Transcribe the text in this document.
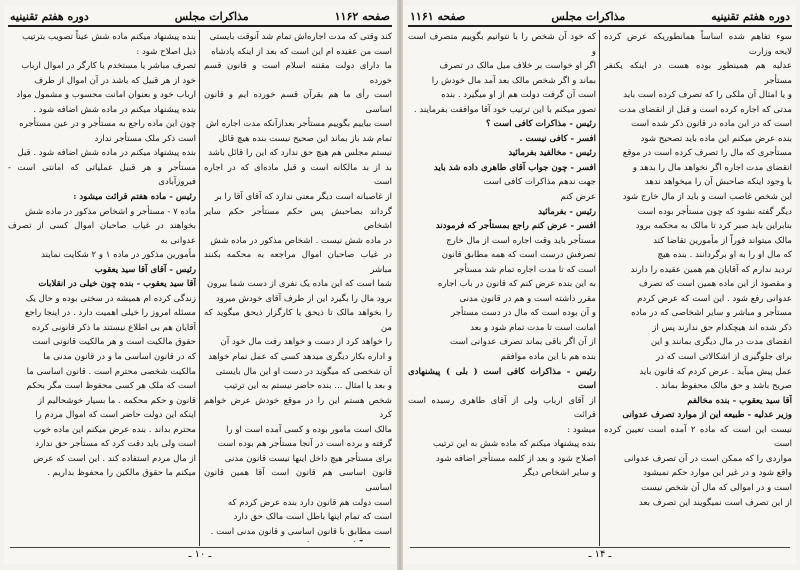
صفحه ۱۱۶۲
مذاکرات مجلس
دوره هفتم تقنینیه

کند وقتی که مدت اجاره‌اش تمام شد آنوقت بایستی

است من عقیده ام این است که بعد از اینکه پادشاه

ما دارای دولت مقننه اسلام است و قانون قسم خورده

است رأی ما هم بقرآن قسم خورده ایم و قانون اساسی

است بیاییم بگوییم مستأجر بعدازآنکه مدت اجاره اش

تمام شد باز بماند این صحیح نیست بنده هیچ قائل

نیستم مجلس هم هیچ حق ندارد که این را قائل باشد

بد از بد مالکانه است و قبل ماده‌ای که در اجاره است

از غاصبانه است دیگر معنی ندارد که آقای آقا را بر

گرداند بصاحبش پس حکم مستأجر حکم سایر اشخاص

در ماده شش نیست . اشخاص مذکور در ماده شش

در غیاب صاحبان اموال مراجعه به محکمه بکنند مباشر

شما است که این ماده یک نفری از دست شما بیرون

برود مال را بگیرد این از طرف آقای خودش میرود

را بخواهد مالک تا ذیحق یا کارگزار ذیحق میگوید که من

را خواهد کرد از دست و خواهد رفت مال خود آن

و اداره بکار دیگری میدهد کسی که عمل تمام خواهد

آن شخصی که میگوید در دست او این مال بایستی

و بعد یا امثال ... بنده حاضر نیستم به این ترتیب

شخص هستم این را در موقع خودش عرض خواهم کرد

مالک است مامور بوده و کسی آمده است او را

گرفته و برده است در آنجا مستأجر هم بوده است

برای مستأجر هیچ داخل اینها نیست قانون مدنی

قانون اساسی هم قانون است آقا همین قانون اساسی

است دولت هم قانون دارد بنده عرض کردم که

است که تمام اینها باطل است مالک حق دارد

است مطابق با قانون اساسی و قانون مدنی است .

بنده پیشنهاد میکنم ماده شش عیناً تصویب بترتیب

ذیل اصلاح شود :

تصرف مباشر یا مستخدم یا کارگر در اموال ارباب

خود از هر قبیل که باشد در آن اموال از طرف

ارباب خود و بعنوان امانت محسوب و مشمول مواد

بنده پیشنهاد میکنم در ماده شش اضافه شود .

چون این ماده راجع به مستأجر و در عین مستأجره

است ذکر ملک مستأجر ندارد

بنده پیشنهاد میکنم در ماده شش اضافه شود . قبل

مستأجر و هر قبیل عملیاتی که امانتی است - فیروزآبادی

رئیس - ماده هفتم قرائت میشود :

ماده ۷ - مستأجر و اشخاص مذکور در ماده شش

بخواهند در غیاب صاحبان اموال کسی از تصرف عدوانی به

مأمورین مذکور در ماده ۱ و ۲ شکایت نمایند

رئیس - آقای آقا سید یعقوب

آقا سید یعقوب - بنده چون خیلی در انقلابات

زندگی کرده ام همیشه در سختی بوده و حال یک

مسئله امروز را خیلی اهمیت دارد . در اینجا راجع

آقایان هم بی اطلاع نیستند ما ذکر قانونی کرده

حقوق مالکیت است و هر مالکیت قانونی است

که در قانون اساسی ما و در قانون مدنی ما

مالکیت شخصی محترم است . قانون اساسی ما

است که ملک هر کسی محفوظ است مگر بحکم

قانون و حکم محکمه . ما بسیار خوشحالیم از

اینکه این دولت حاضر است که اموال مردم را

محترم بداند . بنده عرض میکنم این ماده خوب

است ولی باید دقت کرد که مستأجر حق ندارد

از مال مردم استفاده کند . این است که عرض

میکنم ما حقوق مالکین را محفوظ بداریم .

ـ ۱۰ ـ
دوره هفتم تقنینیه
مذاکرات مجلس
صفحه ۱۱۶۱

سوء تفاهم شده اساساً همانطوریکه عرض کرده لایحه وزارت

عدلیه هم همینطور بوده هست در اینکه یکنفر مستأجر

و یا امثال آن ملکی را که تصرف کرده است باید

مدتی که اجاره کرده است و قبل از انقضای مدت

است که در این ماده در قانون ذکر شده است

بنده عرض میکنم این ماده باید تصحیح شود

مستأجری که مال را تصرف کرده است در موقع

انقضای مدت اجاره اگر نخواهد مال را بدهد و

با وجود اینکه صاحبش آن را میخواهد ندهد

این شخص غاصب است و باید از مال خارج شود

دیگر گفته نشود که چون مستأجر بوده است

بنابراین باید صبر کرد تا مالک به محکمه برود

مالک میتواند فوراً از مأمورین تقاضا کند

که مال او را به او برگردانند . بنده هیچ

تردید ندارم که آقایان هم همین عقیده را دارند

و مقصود از این ماده همین است که تصرف

عدوانی رفع شود . این است که عرض کردم

مستأجر و مباشر و سایر اشخاصی که در ماده

ذکر شده اند هیچکدام حق ندارند پس از

انقضای مدت در مال دیگری بمانند و این

برای جلوگیری از اشکالاتی است که در

عمل پیش میآید . عرض کردم که قانون باید

صریح باشد و حق مالک محفوظ بماند .

آقا سید یعقوب - بنده مخالفم

وزیر عدلیه - طبیعه این از موارد تصرف عدوانی

نیست این است که ماده ۲ آمده است تعیین کرده است

مواردی را که ممکن است در آن تصرف عدوانی

واقع شود و در غیر این موارد حکم نمیشود

است و در اموالی که مال آن شخص نیست

از این تصرف است نمیگویند این تصرف بعد

که خود آن شخص را با نتوانیم بگوییم متصرف است و

اگر او خواست بر خلاف میل مالک در تصرف

بماند و اگر شخص مالک بعد آمد مال خودش را

است آن گرفت دولت هم از او میگیرد . بنده

تصور میکنم با این ترتیب خود آقا موافقت بفرمایند .

رئیس - مذاکرات کافی است ؟

افسر - کافی نیست .

رئیس - مخالفید بفرمائید

افسر - چون جواب آقای طاهری داده شد باید

جهت ندهم مذاکرات کافی است

عرض کنم

رئیس - بفرمائید

افسر - عرض کنم راجع بمستأجر که فرمودند

مستأجر باید وقت اجاره است از مال خارج

تصرفش درست است که همه مطابق قانون

است که تا مدت اجاره تمام شد مستأجر

به این بنده عرض کنم که قانون در باب اجاره

مقرر داشته است و هم در قانون مدنی

و آن بوده است که مال در دست مستأجر

امانت است تا مدت تمام شود و بعد

از آن اگر باقی بماند تصرف عدوانی است

بنده هم با این ماده موافقم

رئیس - مذاکرات کافی است ( بلی ) پیشنهادی است

از آقای ارباب ولی از آقای طاهری رسیده است قرائت

میشود :

بنده پیشنهاد میکنم که ماده شش به این ترتیب

اصلاح شود و بعد از کلمه مستأجر اضافه شود

و سایر اشخاص دیگر

ـ ۱۴ ـ
